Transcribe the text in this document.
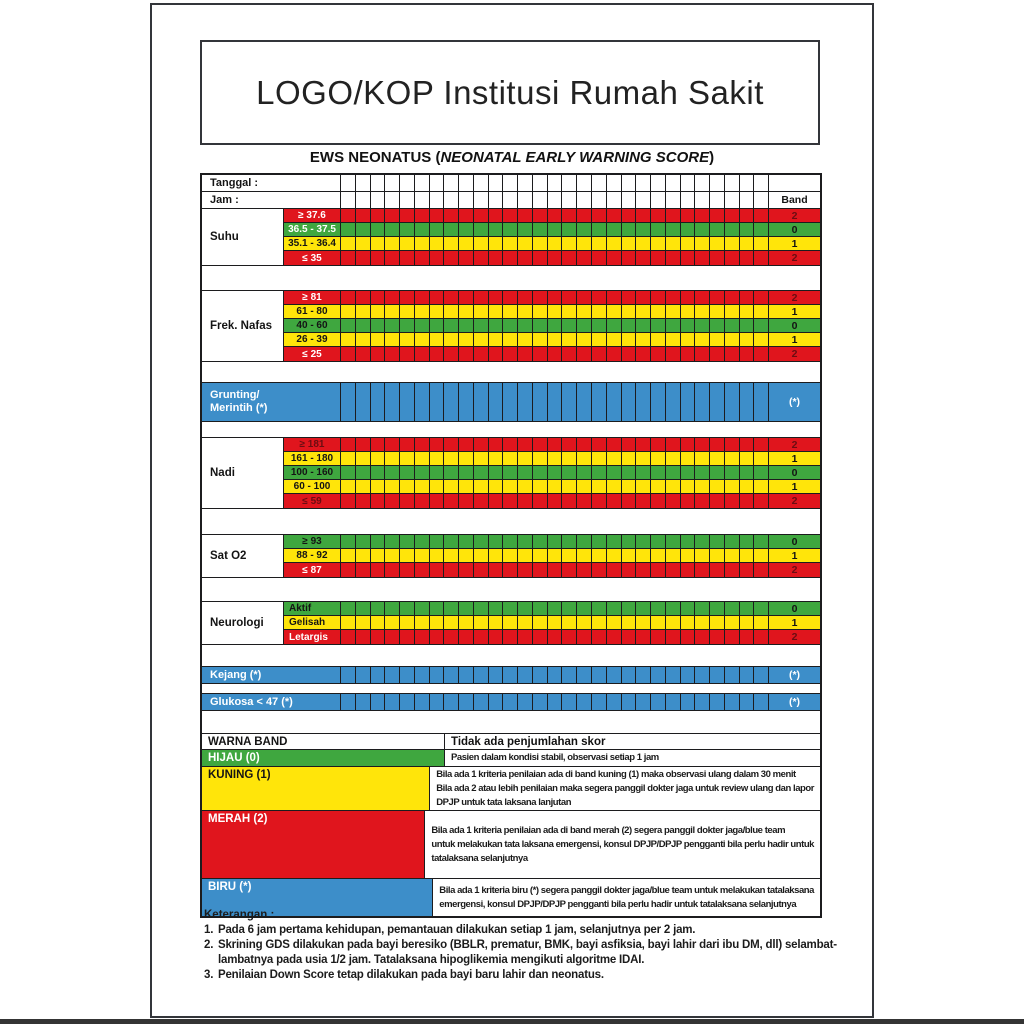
LOGO/KOP Institusi Rumah Sakit
EWS NEONATUS (NEONATAL EARLY WARNING SCORE)
Tanggal :
Jam :	Band
Suhu
≥ 37.6	2
36.5 - 37.5	0
35.1 - 36.4	1
≤ 35	2
Frek. Nafas
≥ 81	2
61 - 80	1
40 - 60	0
26 - 39	1
≤ 25	2
Grunting/
Merintih (*)	(*)
Nadi
≥ 181	2
161 - 180	1
100 - 160	0
60 - 100	1
≤ 59	2
Sat O2
≥ 93	0
88 - 92	1
≤ 87	2
Neurologi
Aktif	0
Gelisah	1
Letargis	2
Kejang (*)	(*)
Glukosa < 47 (*)	(*)
WARNA BAND	Tidak ada penjumlahan skor
HIJAU (0)	Pasien dalam kondisi stabil, observasi setiap 1 jam
KUNING (1)	Bila ada 1 kriteria penilaian ada di band kuning (1) maka observasi ulang dalam 30 menit
Bila ada 2 atau lebih penilaian maka segera panggil dokter jaga untuk review ulang dan lapor
DPJP untuk tata laksana lanjutan
MERAH (2)
Bila ada 1 kriteria penilaian ada di band merah (2) segera panggil dokter jaga/blue team
untuk melakukan tata laksana emergensi, konsul DPJP/DPJP pengganti bila perlu hadir untuk
tatalaksana selanjutnya
BIRU (*)	Bila ada 1 kriteria biru (*) segera panggil dokter jaga/blue team untuk melakukan tatalaksana
emergensi, konsul DPJP/DPJP pengganti bila perlu hadir untuk tatalaksana selanjutnya
Keterangan :
1. Pada 6 jam pertama kehidupan, pemantauan dilakukan setiap 1 jam, selanjutnya per 2 jam.
2. Skrining GDS dilakukan pada bayi beresiko (BBLR, prematur, BMK, bayi asfiksia, bayi lahir dari ibu DM, dll) selambat-
lambatnya pada usia 1/2 jam. Tatalaksana hipoglikemia mengikuti algoritme IDAI.
3. Penilaian Down Score tetap dilakukan pada bayi baru lahir dan neonatus.
